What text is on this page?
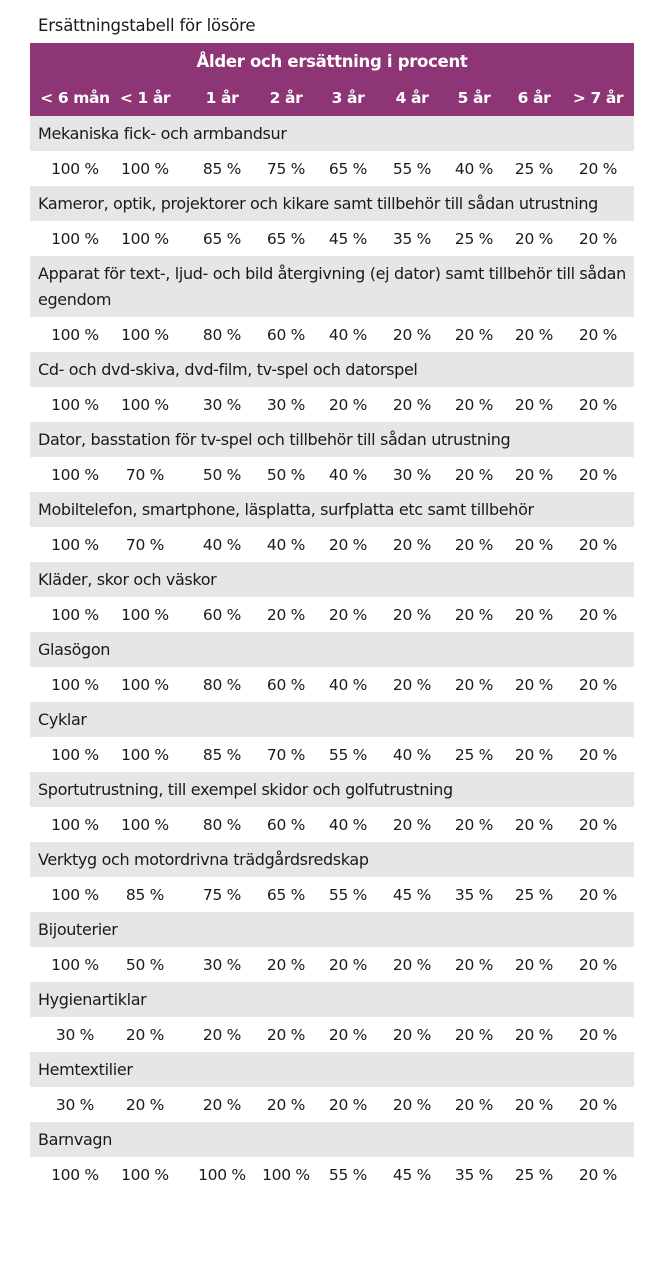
Ersättningstabell för lösöre
Ålder och ersättning i procent
< 6 mån < 1 år 1 år 2 år 3 år 4 år 5 år 6 år > 7 år
Mekaniska fick- och armbandsur
100 % 100 % 85 % 75 % 65 % 55 % 40 % 25 % 20 %
Kameror, optik, projektorer och kikare samt tillbehör till sådan utrustning
100 % 100 % 65 % 65 % 45 % 35 % 25 % 20 % 20 %
Apparat för text-, ljud- och bild återgivning (ej dator) samt tillbehör till sådan egendom
100 % 100 % 80 % 60 % 40 % 20 % 20 % 20 % 20 %
Cd- och dvd-skiva, dvd-film, tv-spel och datorspel
100 % 100 % 30 % 30 % 20 % 20 % 20 % 20 % 20 %
Dator, basstation för tv-spel och tillbehör till sådan utrustning
100 % 70 %	50 % 50 % 40 % 30 % 20 % 20 % 20 %
Mobiltelefon, smartphone, läsplatta, surfplatta etc samt tillbehör
100 % 70 %	40 % 40 % 20 % 20 % 20 % 20 % 20 %
Kläder, skor och väskor
100 % 100 % 60 % 20 % 20 % 20 % 20 % 20 % 20 %
Glasögon
100 % 100 % 80 % 60 % 40 % 20 % 20 % 20 % 20 %
Cyklar
100 % 100 % 85 % 70 % 55 % 40 % 25 % 20 % 20 %
Sportutrustning, till exempel skidor och golfutrustning
100 % 100 % 80 % 60 % 40 % 20 % 20 % 20 % 20 %
Verktyg och motordrivna trädgårdsredskap
100 % 85 %	75 % 65 % 55 % 45 % 35 % 25 % 20 %
Bijouterier
100 % 50 %	30 % 20 % 20 % 20 % 20 % 20 % 20 %
Hygienartiklar
30 % 20 %	20 % 20 % 20 % 20 % 20 % 20 % 20 %
Hemtextilier
30 % 20 %	20 % 20 % 20 % 20 % 20 % 20 % 20 %
Barnvagn
100 % 100 % 100 % 100 % 55 % 45 % 35 % 25 % 20 %
